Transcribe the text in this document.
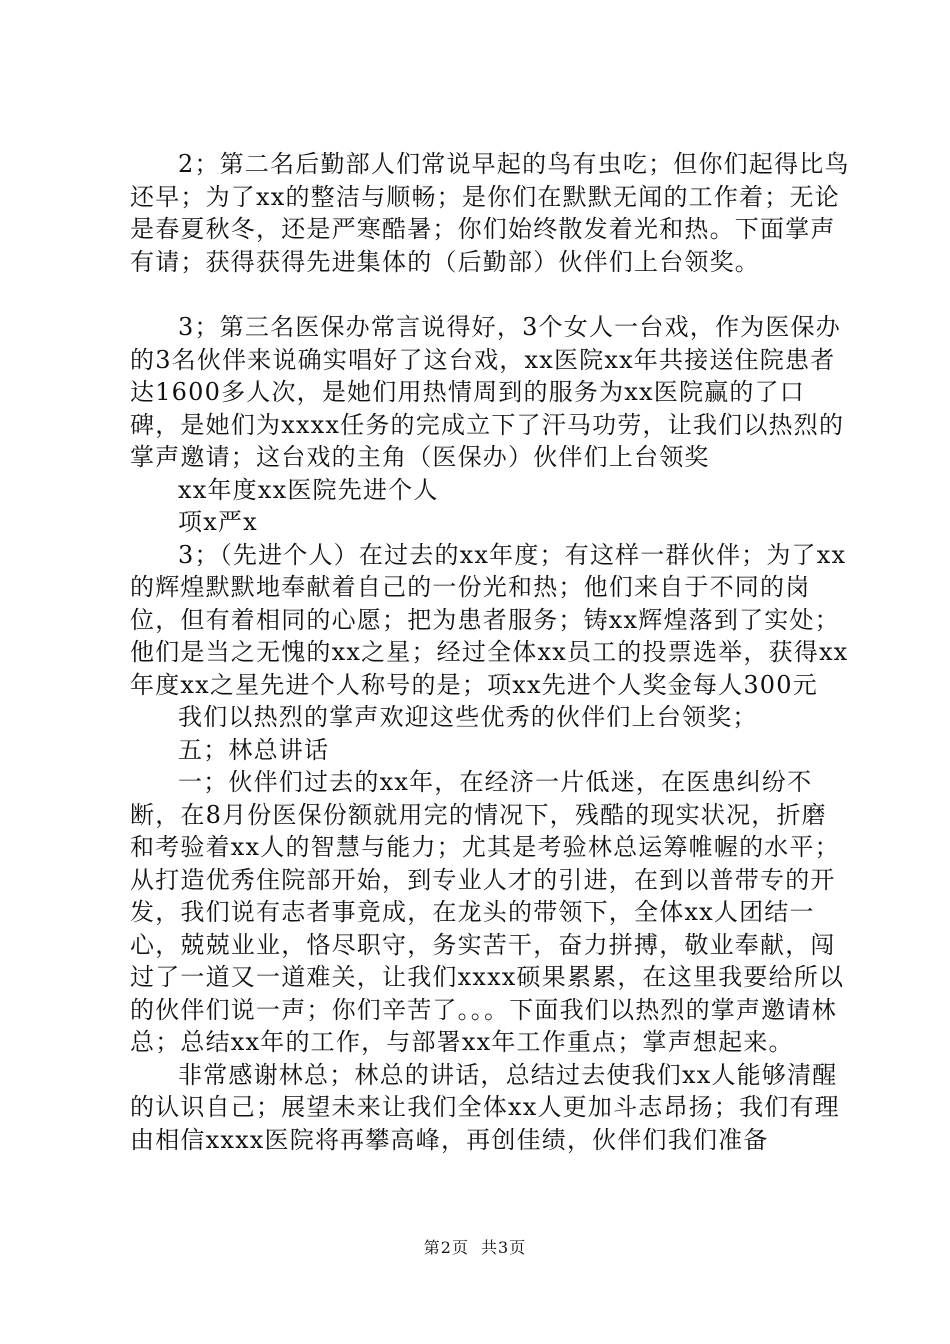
2；第二名后勤部人们常说早起的鸟有虫吃；但你们起得比鸟还早；为了xx的整洁与顺畅；是你们在默默无闻的工作着；无论是春夏秋冬，还是严寒酷暑；你们始终散发着光和热。下面掌声有请；获得获得先进集体的（后勤部）伙伴们上台领奖。

3；第三名医保办常言说得好，3个女人一台戏，作为医保办的3名伙伴来说确实唱好了这台戏，xx医院xx年共接送住院患者达1600多人次，是她们用热情周到的服务为xx医院赢的了口碑，是她们为xxxx任务的完成立下了汗马功劳，让我们以热烈的掌声邀请；这台戏的主角（医保办）伙伴们上台领奖

xx年度xx医院先进个人

项x严x

3；（先进个人）在过去的xx年度；有这样一群伙伴；为了xx的辉煌默默地奉献着自己的一份光和热；他们来自于不同的岗位，但有着相同的心愿；把为患者服务；铸xx辉煌落到了实处；他们是当之无愧的xx之星；经过全体xx员工的投票选举，获得xx年度xx之星先进个人称号的是；项xx先进个人奖金每人300元

我们以热烈的掌声欢迎这些优秀的伙伴们上台领奖；

五；林总讲话

一；伙伴们过去的xx年，在经济一片低迷，在医患纠纷不断，在8月份医保份额就用完的情况下，残酷的现实状况，折磨和考验着xx人的智慧与能力；尤其是考验林总运筹帷幄的水平；从打造优秀住院部开始，到专业人才的引进，在到以普带专的开发，我们说有志者事竟成，在龙头的带领下，全体xx人团结一心，兢兢业业，恪尽职守，务实苦干，奋力拼搏，敬业奉献，闯过了一道又一道难关，让我们xxxx硕果累累，在这里我要给所以的伙伴们说一声；你们辛苦了。。。下面我们以热烈的掌声邀请林总；总结xx年的工作，与部署xx年工作重点；掌声想起来。

非常感谢林总；林总的讲话，总结过去使我们xx人能够清醒的认识自己；展望未来让我们全体xx人更加斗志昂扬；我们有理由相信xxxx医院将再攀高峰，再创佳绩，伙伴们我们准备

第2页 共3页
